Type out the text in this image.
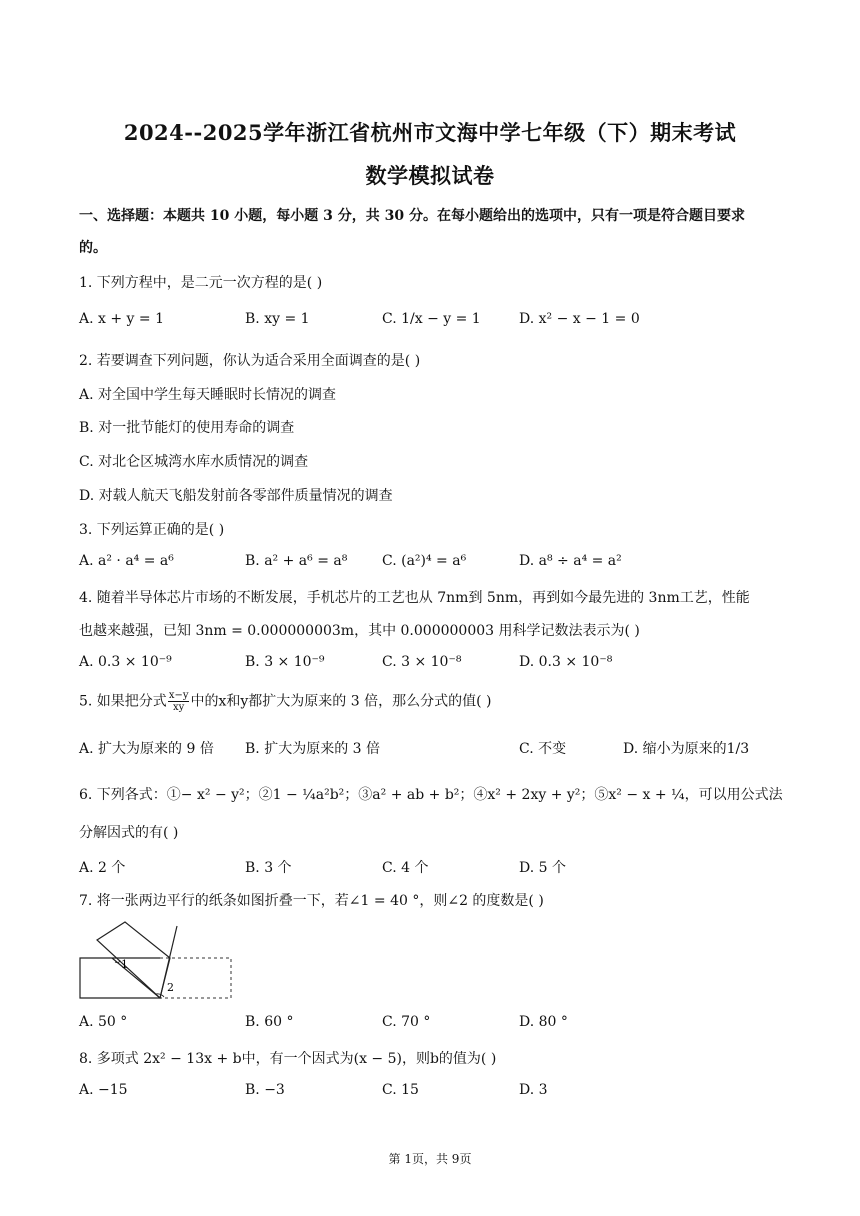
2024--2025学年浙江省杭州市文海中学七年级（下）期末考试
数学模拟试卷
一、选择题：本题共 10 小题，每小题 3 分，共 30 分。在每小题给出的选项中，只有一项是符合题目要求
的。
1. 下列方程中，是二元一次方程的是( )
A. x + y = 1	B. xy = 1	C. 1/x − y = 1	D. x² − x − 1 = 0
2. 若要调查下列问题，你认为适合采用全面调查的是( )
A. 对全国中学生每天睡眠时长情况的调查
B. 对一批节能灯的使用寿命的调查
C. 对北仑区城湾水库水质情况的调查
D. 对载人航天飞船发射前各零部件质量情况的调查
3. 下列运算正确的是( )
A. a² · a⁴ = a⁶	B. a² + a⁶ = a⁸ C. (a²)⁴ = a⁶	D. a⁸ ÷ a⁴ = a²
4. 随着半导体芯片市场的不断发展，手机芯片的工艺也从 7nm到 5nm，再到如今最先进的 3nm工艺，性能
也越来越强，已知 3nm = 0.000000003m，其中 0.000000003 用科学记数法表示为( )
A. 0.3 × 10⁻⁹	B. 3 × 10⁻⁹	C. 3 × 10⁻⁸	D. 0.3 × 10⁻⁸
5. 如果把分式 $\frac{x-y}{xy}$ 中的x和y都扩大为原来的 3 倍，那么分式的值( )
A. 扩大为原来的 9 倍 B. 扩大为原来的 3 倍	C. 不变	D. 缩小为原来的1/3
6. 下列各式：①− x² − y²；②1 − ¼a²b²；③a² + ab + b²；④x² + 2xy + y²；⑤x² − x + ¼，可以用公式法
分解因式的有( )
A. 2 个	B. 3 个	C. 4 个	D. 5 个
7. 将一张两边平行的纸条如图折叠一下，若∠1 = 40 °，则∠2 的度数是( )
1
2
A. 50 °	B. 60 °	C. 70 °	D. 80 °
8. 多项式 2x² − 13x + b中，有一个因式为(x − 5)，则b的值为( )
A. −15	B. −3	C. 15	D. 3
第 1页，共 9页
